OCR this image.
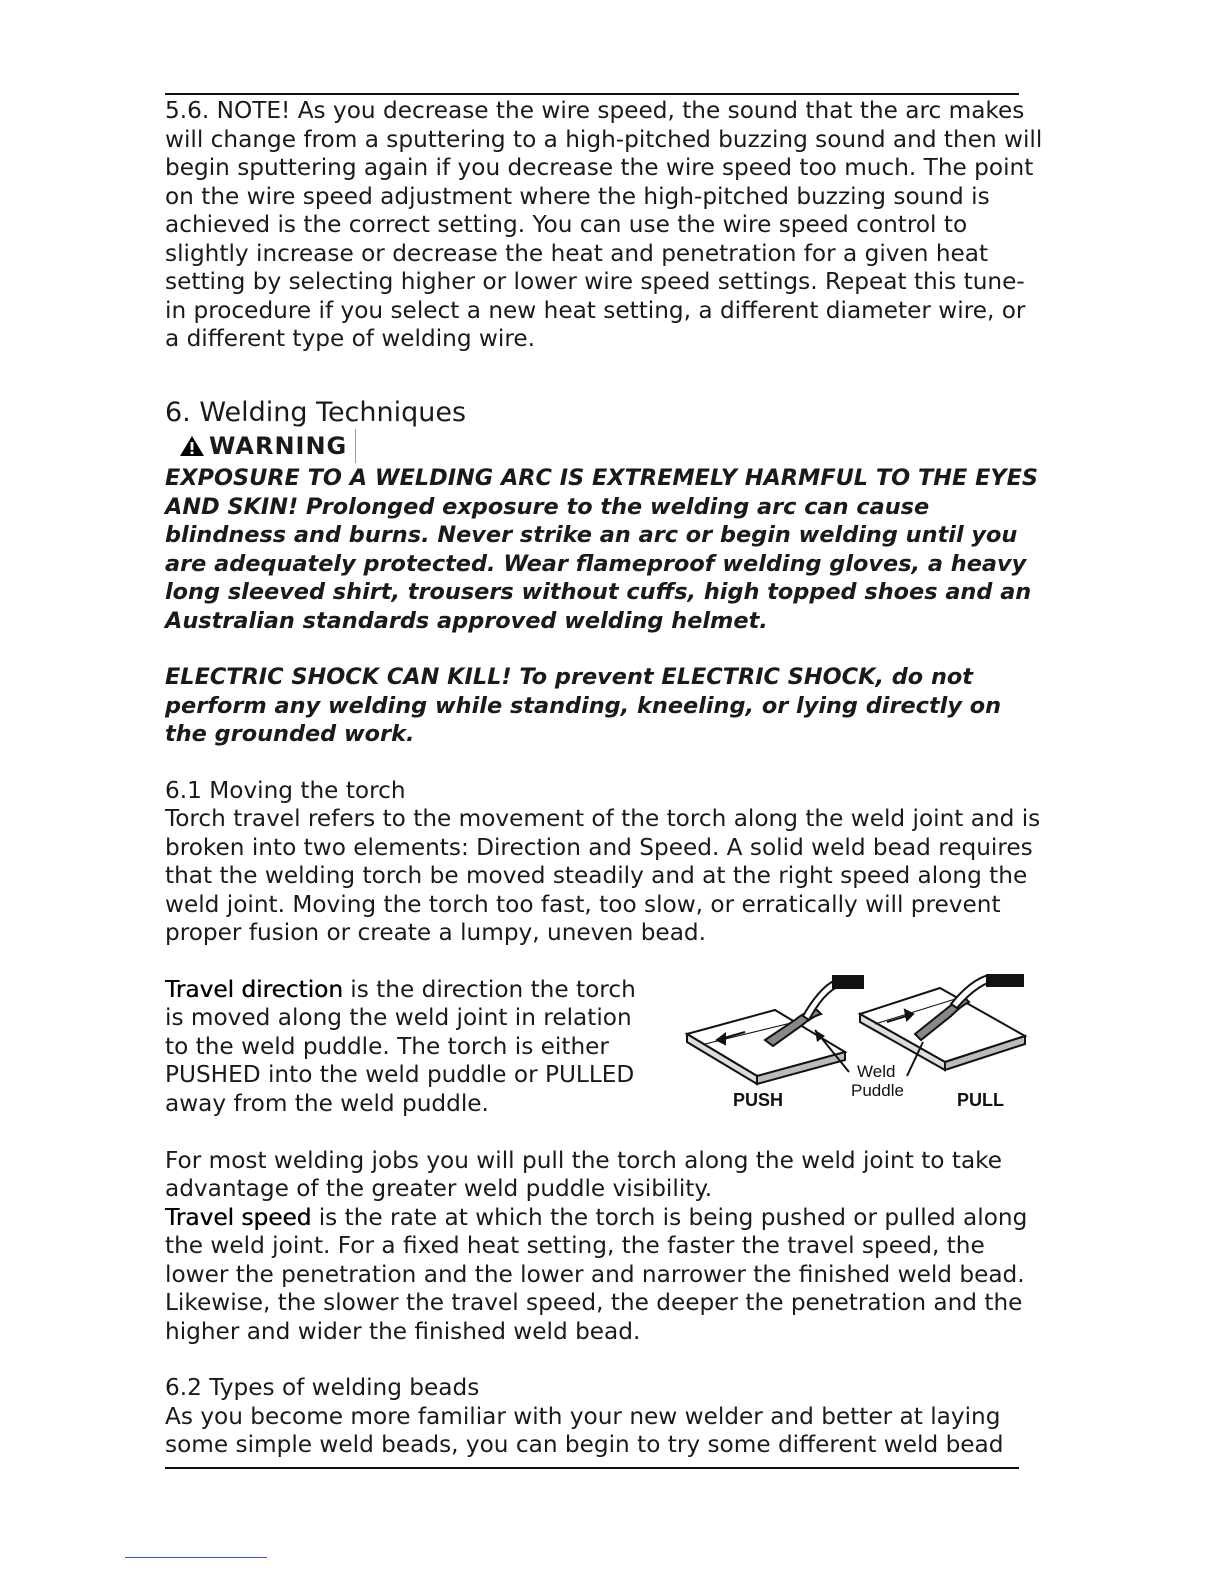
5.6. NOTE! As you decrease the wire speed, the sound that the arc makes will change from a sputtering to a high-pitched buzzing sound and then will begin sputtering again if you decrease the wire speed too much. The point on the wire speed adjustment where the high-pitched buzzing sound is achieved is the correct setting. You can use the wire speed control to slightly increase or decrease the heat and penetration for a given heat setting by selecting higher or lower wire speed settings. Repeat this tune-in procedure if you select a new heat setting, a different diameter wire, or a different type of welding wire.

6. Welding Techniques
WARNING

EXPOSURE TO A WELDING ARC IS EXTREMELY HARMFUL TO THE EYES AND SKIN! Prolonged exposure to the welding arc can cause blindness and burns. Never strike an arc or begin welding until you are adequately protected. Wear flameproof welding gloves, a heavy long sleeved shirt, trousers without cuffs, high topped shoes and an Australian standards approved welding helmet.

ELECTRIC SHOCK CAN KILL! To prevent ELECTRIC SHOCK, do not perform any welding while standing, kneeling, or lying directly on the grounded work.

6.1 Moving the torch

Torch travel refers to the movement of the torch along the weld joint and is broken into two elements: Direction and Speed. A solid weld bead requires that the welding torch be moved steadily and at the right speed along the weld joint. Moving the torch too fast, too slow, or erratically will prevent proper fusion or create a lumpy, uneven bead.

Travel direction is the direction the torch is moved along the weld joint in relation to the weld puddle. The torch is either PUSHED into the weld puddle or PULLED away from the weld puddle.

Weld
Puddle
PUSH	PULL

For most welding jobs you will pull the torch along the weld joint to take advantage of the greater weld puddle visibility.

Travel speed is the rate at which the torch is being pushed or pulled along the weld joint. For a fixed heat setting, the faster the travel speed, the lower the penetration and the lower and narrower the finished weld bead. Likewise, the slower the travel speed, the deeper the penetration and the higher and wider the finished weld bead.

6.2 Types of welding beads

As you become more familiar with your new welder and better at laying some simple weld beads, you can begin to try some different weld bead
